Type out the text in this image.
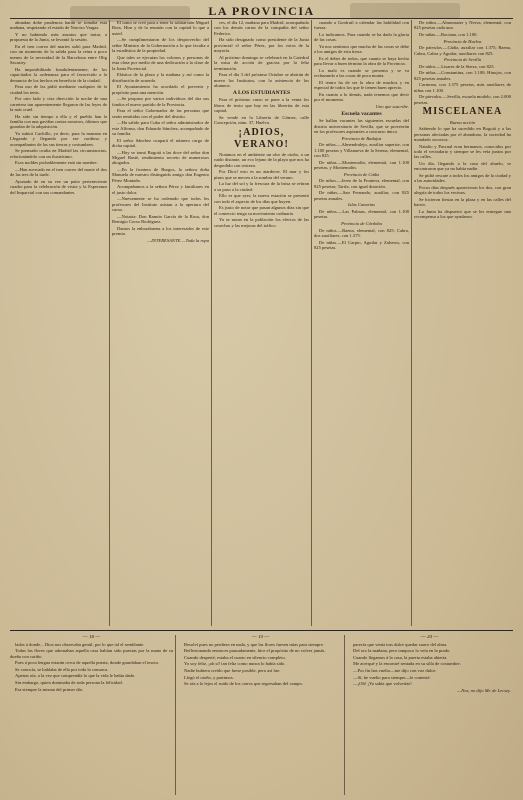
LA PROVINCIA

abundan dobe prudencia harán se tomaba esta mañana, respetando el estado de Narciso Vargas.

Y no habiendo más asuntos que tratar, a propuesta de la Junta, se levantó la sesión.

En el tren correo del martes salió para Madrid, con un momento de la salida para la reina a poco menos de la necesidad de la Barcelona entre Olig Sacastry.

Ha imposibilitado fraudulentamente, de los capacitados la ordenanza para el favorecido a la denuncia de los hechos en beneficio de la ciudad.

Para uso de las pidió mediante cualquier de la ciudad los tenis.

Por otro lado y otra dirección la noche de una carretera tan aparentemente llegaron de las leyes de la más cruel.

Ha sido sin tiempo a ella y el pueblo han la familia con una gaviñas contra nosotros, últimos que guardan de la adquisición.

Ya subirá Cuchillo, ya decir, para la manana en Llegando y llegando por ese cariñoso y acompañantes de las sus tierras y costumbres.

Se prensado oculta en Madrid las circunstancias, relacionándolo con un ilustrísimo.

Esos moldes probablemente está sin nombre.

—Han acercado en el tren correo del marte el dos de las tres de la tarde.

Ayunado de en su vez un patio perteneciente cuadro para la celebración de visita y la Esperanza del Imparcial con sus comandantes.

El tomo se creó para a tener la salutarsión Miguel Boix, Hirn y de la reunión con la capital lo que a usted.

—Se cumplimentaron de los desprovecho del señor Ministro de la Gobernación a lo que faculta a la estadística de la propiedad.

Que tales se ejecutan los colonos y personas de esta clase por medio de una dedicación a la clase de la Junta Provincial.

Elástica de la plaza y la mañana y así como la distribución de acuerdo.

El Ayuntamiento ha acordado el porvenir y propósito para una mención.

—Se propuso por varios individuos del dar sus fondos el nuevo partido de la Provincia.

Para el señor Gobernador de las personas que serán remitidas con el poder del distrito.

—Ha salido para Cuba el señor administrador de este Alfonso, don Eduardo Sánchez, acompañado de su familia.

El señor Sánchez ocupará el número cargo de dicha capital.

—Hoy se tomó Bogotá a las doce del señor don Miguel Bastè, rendimiento secreto de numerosos abogados.

—En la frontera de Burgos, la señora doña Manuela de nuestro distinguido amigo don Eugenio Pérez Montaño.

Acompañamos a la señora Pérez y familiares en el justo dolor.

—Nuevamente se ha ordenado que todos los profesores del Instituto asistan a la apertura del curso.

—Notaria: Don Ramón García de la Rosa, don Remigio Corso Rodríguez.

Damos la enhorabuena a los interesados de este premio.

—INTERESANTE.—Toda la ropa

ces, el día 12, mañana para Madrid, acompañado con los demás cartas de la compañía del señor Federico.

Ha sido designado como presidente de la Junta provincial el señor Pérez, por los votos de la mayoría.

Al próximo domingo se celebrará en la Catedral la misa de acción de gracias por la feliz terminación.

Para el día 3 del próximo Octubre se abrirán de nuevo los Institutos, con la asistencia de los alumnos.

A LOS ESTUDIANTES

Para el próximo curso se pone a la venta los libros de texto que hay en las librerías de esta capital.

Se vende en la Librería de Gómez, calle Concepción, núm. 37, Huelva.

¡ADIOS, VERANO!

Notamos en el ambiente un olor de otoño, a un ruido distante, un eco lejano de la playa que nos ha despedido con tristeza.

Por Dios! esto es un atardecer. El mar y los pinos que se mecen a la sombra del verano.

La luz del sol y la frescura de la brisa se retiran a su paso a la ciudad.

Ello es que ayer, la nueva estación se presentó con todo el aspecto de los días que huyen.

Es justo de notar que pasan algunos días sin que el comercio tenga su movimiento ordinario.

Ya se notan en la población los efectos de las cosechas y las mejoras del tráfico.

cuando a Gonfruil a calendar las habilidad con fuerza.

Lo indicamos. Para cuando se ha dado la gloria de las cosas.

Ya nos sentimos que mucha de las cosas se debe a los amigos de esta tierra.

Es el deber de todos, que cuanto se haya hecho para llevar a buen término la obra de la Provincia.

Lo malo es cuando se presenta y se va rechazando a las cosas de poca monta.

El teatro ha de ser la obra de muchos y en especial de todos los que le tienen buen aprecio.

En cuanto a lo demás, nada tenemos que decir por el momento.

Uno que suscribe.

Escuela vacantes

Se hallan vacantes las siguientes escuelas del distrito universitario de Sevilla, que se proveerán en los profesores aspirantes a concurso único.

Provincia de Badajoz

De niños.—Almendralejo, auxiliar superior, con 1.100 pesetas y Villanueva de la Serena, elemental, con 825.

De niñas.—Montemolín, elemental, con 1.100 pesetas, y Montemolín.

Provincia de Cádiz

De niños.—Jerez de la Frontera, elemental, con 825 pesetas; Tarifa, con igual dotación.

De niñas.—San Fernando, auxiliar, con 825 pesetas anuales.

Islas Canarias

De niños.—Las Palmas, elemental, con 1.100 pesetas.

Provincia de Córdoba

De niños.—Baena, elemental, con 825; Cabra, dos auxiliares, con 1.375.

De niñas.—El Carpio, Aguilar y Zuheros, con 825 pesetas.

De niños.—Almonaster y Nerva, elemental, con 825 pesetas cada una.

De niñas.—Rociana, con 1.100.

Provincia de Huelva

De párvulos.—Cádiz, auxiliar con 1.375; Baena, Cabra, Cabra y Aguilar, auxiliares con 825.

Provincia de Sevilla

De niños.—Lisares de la Sierra, con 825.

De niñas.—Constantina, con 1.100; Hinojos, con 825 pesetas anuales.

Carmona, con 1.375 pesetas, más auxiliares de niñas con 1.100.

De párvulos.—Sevilla, escuela modelo, con 2.000 pesetas.

MISCELANEA

Buena acción

Sabiendo lo que ha sucedido en Bogotá y a las personas afectadas por el abandono, la sociedad ha mandado socorros.

Natalio y Pascual eran hermanos, conocidos por todo el vecindario y siempre se les veía juntos por las calles.

Un día, llegando a la casa del abuelo, se encontraron que ya no había nadie.

Se pidió rescate a todos los amigos de la ciudad y a las autoridades.

Pocos días después aparecieron los dos, con gran alegría de todos los vecinos.

Se hicieron fiestas en la plaza y en las calles del barrio.

La Junta ha dispuesto que se les entregue una recompensa a los que ayudaron.

— 18 —

lados á donde... Dios nos observaba gentil, por lo que tal el semblante.

Todas las flores que adornaban aquella casa habían sido puestas por la mano de su dueña con cariño.

Pues á poca lengua estarán cerca de aquella puerta, donde guardaban el tesoro.

Se conocía, se hablaba de ella por toda la comarca.

Apenas oía, a la vez que comprendía lo que la vida le había dado.

Sin embargo, quien dominaba de toda persona la felicidad.

Era siempre la misma del primer día.

— 19 —

Resolví pues no perdiera en nada, y que las flores fuesen mías para siempre.

Reflexionando entonces pausadamente, hice el propósito de no volver jamás.

Cuando desperté, estaba el cuarto en silencio completo.

Yo soy feliz, ¡oh sí! tan feliz como nunca lo había sido.

Nadie hubiera creído que fuese posible, pero así fue.

Llegó el otoño, y partimos.

Se oía a lo lejos el ruido de los carros que regresaban del campo.

— 20 —

parecía que venía tras dulce quedar suave del alma.

Del oro la mañana, pero tampoco lo veía en la prado.

Cuando llegamos á la casa, la puerta estaba abierta.

Me acerqué y la encontré sentada en su silla de costumbre.

—Por fin has vuelto—me dijo con voz dulce.

—Sí, he vuelto para siempre—le contesté.

—¡Oh! ¡Ya sabía que volverías!

—Nos, no dijo Mr. de Lecsey.
